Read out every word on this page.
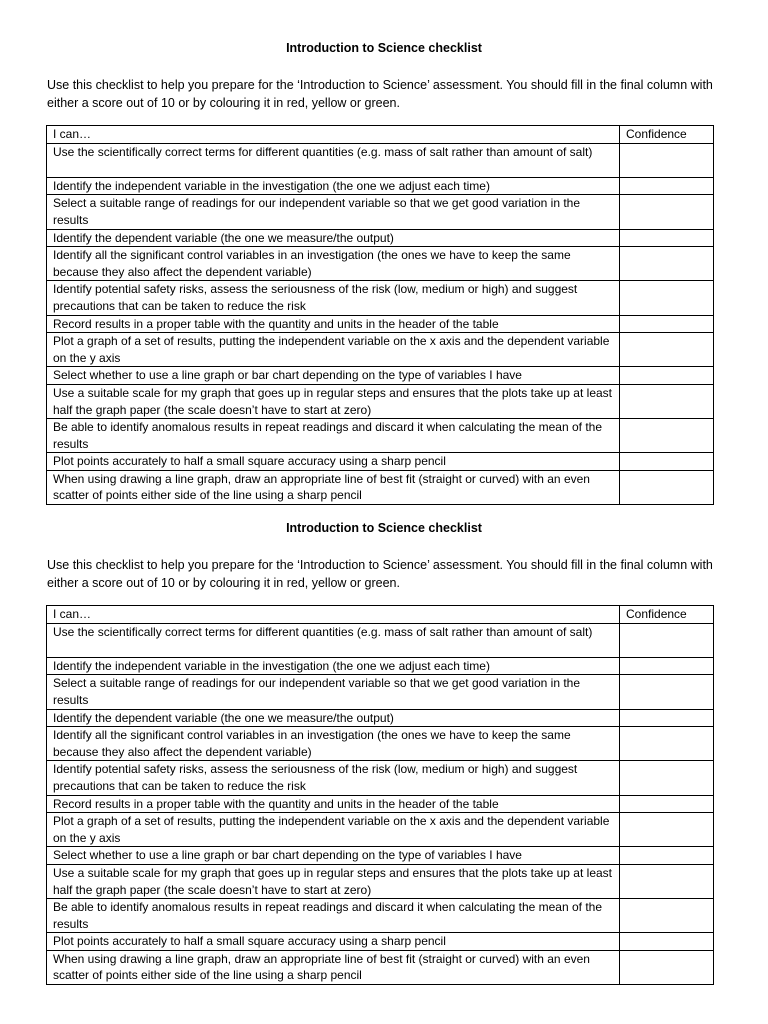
Introduction to Science checklist

Use this checklist to help you prepare for the ‘Introduction to Science’ assessment. You should fill in the final column with either a score out of 10 or by colouring it in red, yellow or green.

I can…	Confidence
Use the scientifically correct terms for different quantities (e.g. mass of salt rather than amount of salt)	
Identify the independent variable in the investigation (the one we adjust each time)	
Select a suitable range of readings for our independent variable so that we get good variation in the results	
Identify the dependent variable (the one we measure/the output)	
Identify all the significant control variables in an investigation (the ones we have to keep the same because they also affect the dependent variable)	
Identify potential safety risks, assess the seriousness of the risk (low, medium or high) and suggest precautions that can be taken to reduce the risk	
Record results in a proper table with the quantity and units in the header of the table	
Plot a graph of a set of results, putting the independent variable on the x axis and the dependent variable on the y axis	
Select whether to use a line graph or bar chart depending on the type of variables I have	
Use a suitable scale for my graph that goes up in regular steps and ensures that the plots take up at least half the graph paper (the scale doesn’t have to start at zero)	
Be able to identify anomalous results in repeat readings and discard it when calculating the mean of the results	
Plot points accurately to half a small square accuracy using a sharp pencil	
When using drawing a line graph, draw an appropriate line of best fit (straight or curved) with an even scatter of points either side of the line using a sharp pencil	
Introduction to Science checklist

Use this checklist to help you prepare for the ‘Introduction to Science’ assessment. You should fill in the final column with either a score out of 10 or by colouring it in red, yellow or green.

I can…	Confidence
Use the scientifically correct terms for different quantities (e.g. mass of salt rather than amount of salt)	
Identify the independent variable in the investigation (the one we adjust each time)	
Select a suitable range of readings for our independent variable so that we get good variation in the results	
Identify the dependent variable (the one we measure/the output)	
Identify all the significant control variables in an investigation (the ones we have to keep the same because they also affect the dependent variable)	
Identify potential safety risks, assess the seriousness of the risk (low, medium or high) and suggest precautions that can be taken to reduce the risk	
Record results in a proper table with the quantity and units in the header of the table	
Plot a graph of a set of results, putting the independent variable on the x axis and the dependent variable on the y axis	
Select whether to use a line graph or bar chart depending on the type of variables I have	
Use a suitable scale for my graph that goes up in regular steps and ensures that the plots take up at least half the graph paper (the scale doesn’t have to start at zero)	
Be able to identify anomalous results in repeat readings and discard it when calculating the mean of the results	
Plot points accurately to half a small square accuracy using a sharp pencil	
When using drawing a line graph, draw an appropriate line of best fit (straight or curved) with an even scatter of points either side of the line using a sharp pencil	
